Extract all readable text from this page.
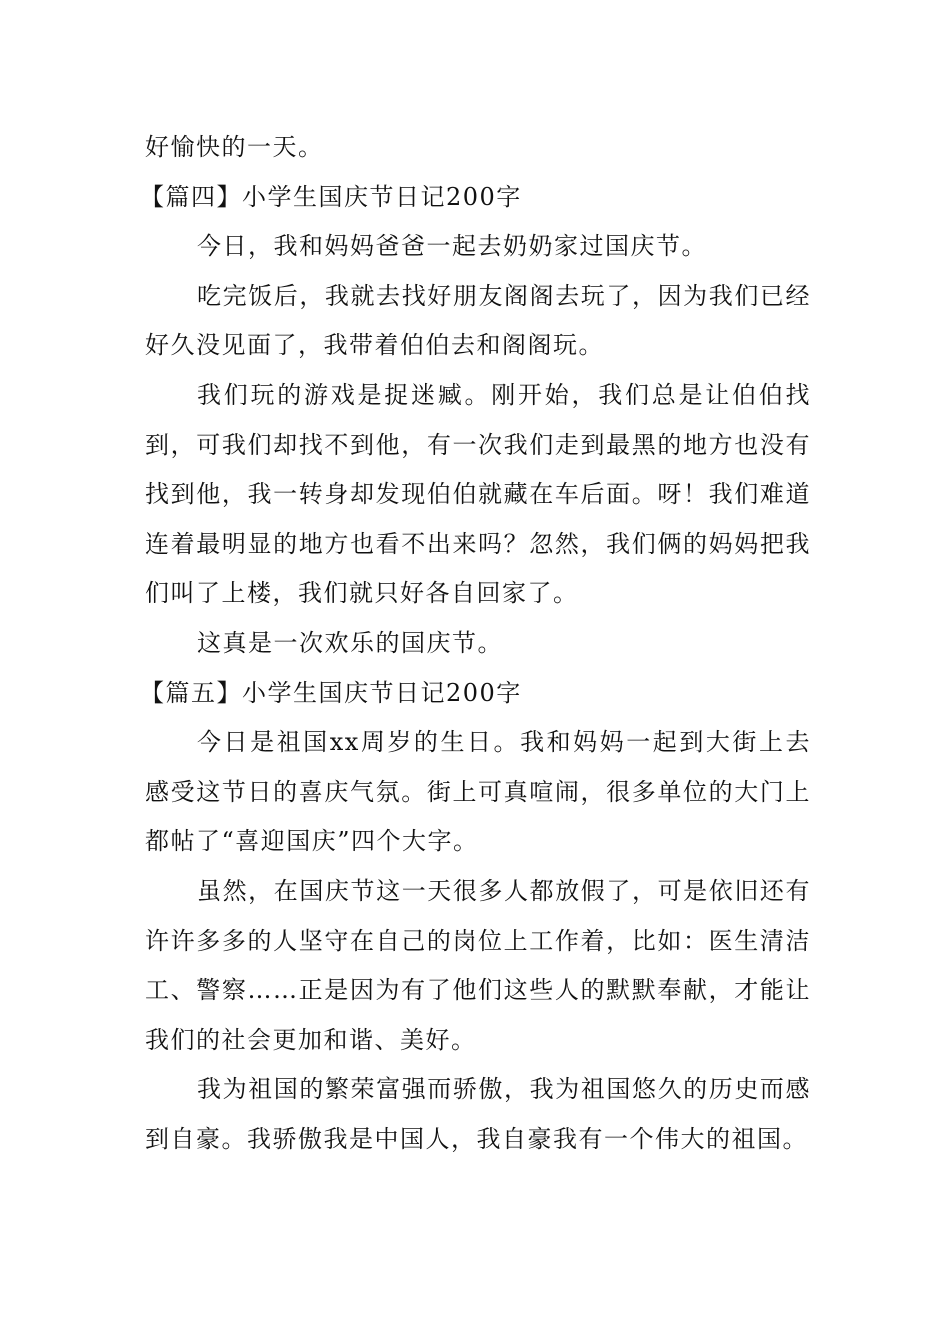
好愉快的一天。

【篇四】小学生国庆节日记200字

今日，我和妈妈爸爸一起去奶奶家过国庆节。

吃完饭后，我就去找好朋友阁阁去玩了，因为我们已经好久没见面了，我带着伯伯去和阁阁玩。

我们玩的游戏是捉迷臧。刚开始，我们总是让伯伯找到，可我们却找不到他，有一次我们走到最黑的地方也没有找到他，我一转身却发现伯伯就藏在车后面。呀！我们难道连着最明显的地方也看不出来吗？忽然，我们俩的妈妈把我们叫了上楼，我们就只好各自回家了。

这真是一次欢乐的国庆节。

【篇五】小学生国庆节日记200字

今日是祖国xx周岁的生日。我和妈妈一起到大街上去感受这节日的喜庆气氛。街上可真喧闹，很多单位的大门上都帖了“喜迎国庆”四个大字。

虽然，在国庆节这一天很多人都放假了，可是依旧还有许许多多的人坚守在自己的岗位上工作着，比如：医生清洁工、警察……正是因为有了他们这些人的默默奉献，才能让我们的社会更加和谐、美好。

我为祖国的繁荣富强而骄傲，我为祖国悠久的历史而感到自豪。我骄傲我是中国人，我自豪我有一个伟大的祖国。
